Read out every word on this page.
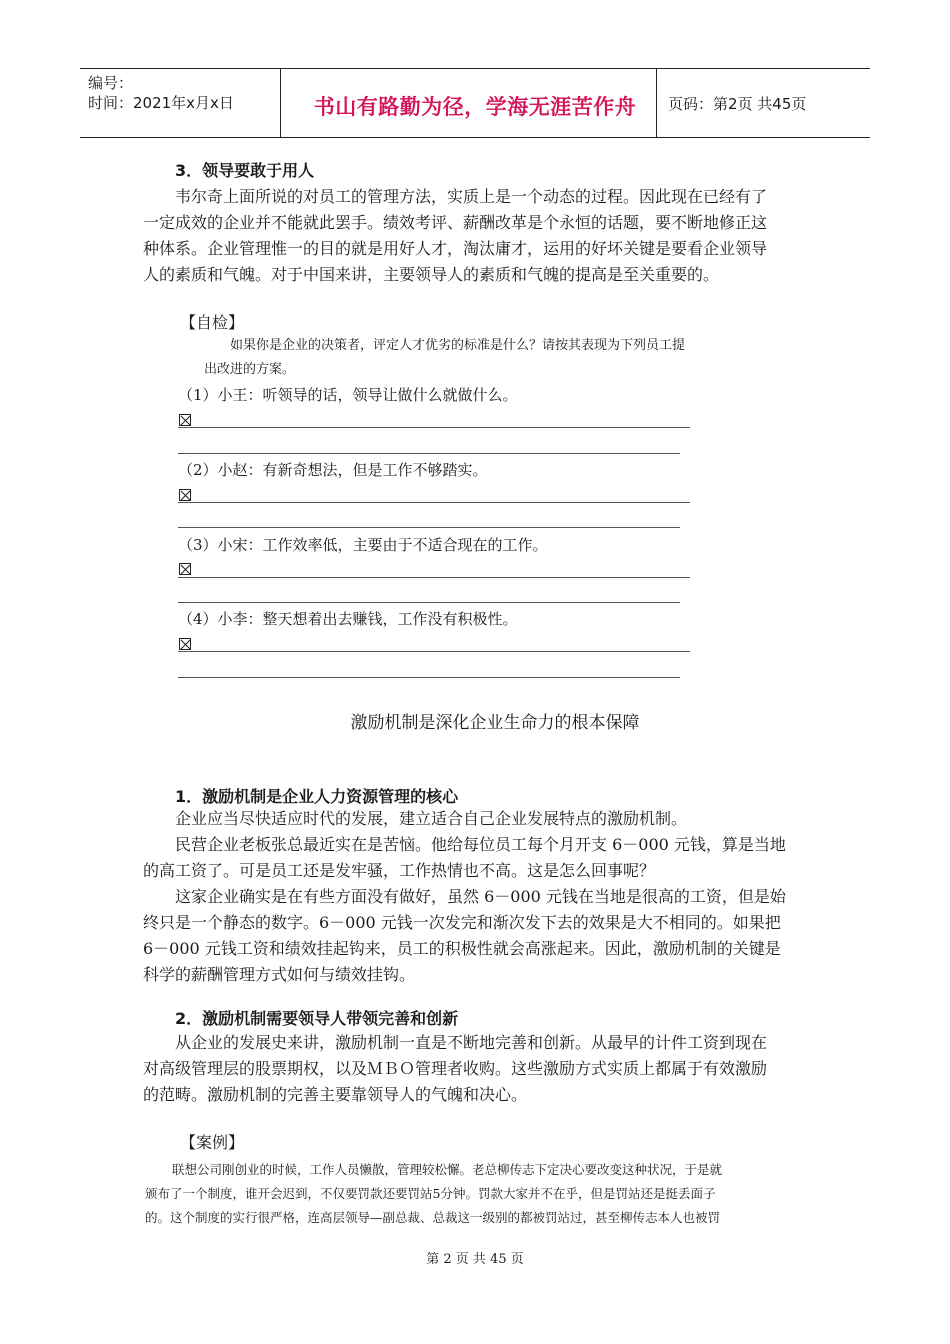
编号：
时间：2021年x月x日	书山有路勤为径，学海无涯苦作舟	页码：第2页 共45页
3．领导要敢于用人
韦尔奇上面所说的对员工的管理方法，实质上是一个动态的过程。因此现在已经有了
一定成效的企业并不能就此罢手。绩效考评、薪酬改革是个永恒的话题，要不断地修正这
种体系。企业管理惟一的目的就是用好人才，淘汰庸才，运用的好坏关键是要看企业领导
人的素质和气魄。对于中国来讲，主要领导人的素质和气魄的提高是至关重要的。
【自检】
如果你是企业的决策者，评定人才优劣的标准是什么？请按其表现为下列员工提
出改进的方案。
（1）小王：听领导的话，领导让做什么就做什么。
（2）小赵：有新奇想法，但是工作不够踏实。
（3）小宋：工作效率低，主要由于不适合现在的工作。
（4）小李：整天想着出去赚钱，工作没有积极性。
激励机制是深化企业生命力的根本保障
1．激励机制是企业人力资源管理的核心
企业应当尽快适应时代的发展，建立适合自己企业发展特点的激励机制。
民营企业老板张总最近实在是苦恼。他给每位员工每个月开支 6－000 元钱，算是当地
的高工资了。可是员工还是发牢骚，工作热情也不高。这是怎么回事呢？
这家企业确实是在有些方面没有做好，虽然 6－000 元钱在当地是很高的工资，但是始
终只是一个静态的数字。6－000 元钱一次发完和渐次发下去的效果是大不相同的。如果把
6－000 元钱工资和绩效挂起钩来，员工的积极性就会高涨起来。因此，激励机制的关键是
科学的薪酬管理方式如何与绩效挂钩。
2．激励机制需要领导人带领完善和创新
从企业的发展史来讲，激励机制一直是不断地完善和创新。从最早的计件工资到现在
对高级管理层的股票期权，以及ＭＢＯ管理者收购。这些激励方式实质上都属于有效激励
的范畴。激励机制的完善主要靠领导人的气魄和决心。
【案例】
联想公司刚创业的时候，工作人员懒散，管理较松懈。老总柳传志下定决心要改变这种状况，于是就
颁布了一个制度，谁开会迟到，不仅要罚款还要罚站5分钟。罚款大家并不在乎，但是罚站还是挺丢面子
的。这个制度的实行很严格，连高层领导—副总裁、总裁这一级别的都被罚站过，甚至柳传志本人也被罚
第 2 页 共 45 页
